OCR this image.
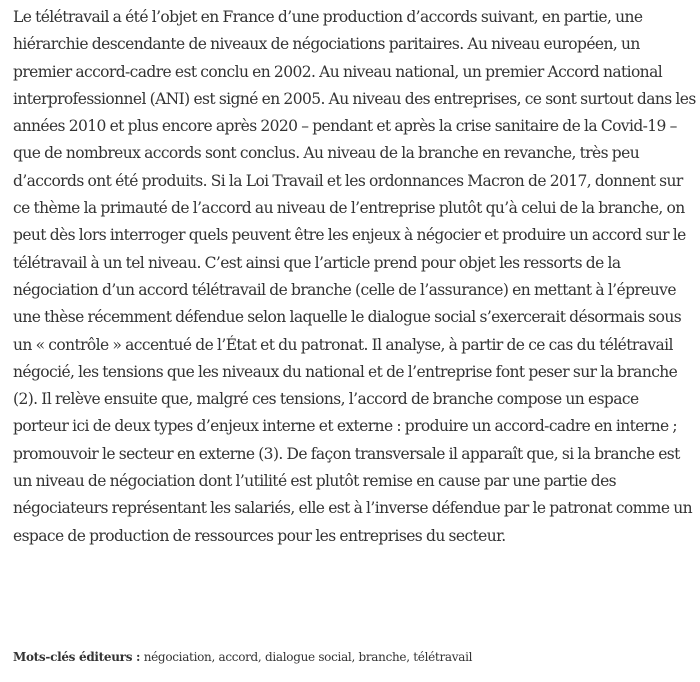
Le télétravail a été l’objet en France d’une production d’accords suivant, en partie, une hiérarchie descendante de niveaux de négociations paritaires. Au niveau européen, un premier accord-cadre est conclu en 2002. Au niveau national, un premier Accord national interprofessionnel (ANI) est signé en 2005. Au niveau des entreprises, ce sont surtout dans les années 2010 et plus encore après 2020 – pendant et après la crise sanitaire de la Covid-19 – que de nombreux accords sont conclus. Au niveau de la branche en revanche, très peu d’accords ont été produits. Si la Loi Travail et les ordonnances Macron de 2017, donnent sur ce thème la primauté de l’accord au niveau de l’entreprise plutôt qu’à celui de la branche, on peut dès lors interroger quels peuvent être les enjeux à négocier et produire un accord sur le télétravail à un tel niveau. C’est ainsi que l’article prend pour objet les ressorts de la négociation d’un accord télétravail de branche (celle de l’assurance) en mettant à l’épreuve une thèse récemment défendue selon laquelle le dialogue social s’exercerait désormais sous un « contrôle » accentué de l’État et du patronat. Il analyse, à partir de ce cas du télétravail négocié, les tensions que les niveaux du national et de l’entreprise font peser sur la branche (2). Il relève ensuite que, malgré ces tensions, l’accord de branche compose un espace porteur ici de deux types d’enjeux interne et externe : produire un accord-cadre en interne ; promouvoir le secteur en externe (3). De façon transversale il apparaît que, si la branche est un niveau de négociation dont l’utilité est plutôt remise en cause par une partie des négociateurs représentant les salariés, elle est à l’inverse défendue par le patronat comme un espace de production de ressources pour les entreprises du secteur.

Mots-clés éditeurs : négociation, accord, dialogue social, branche, télétravail
